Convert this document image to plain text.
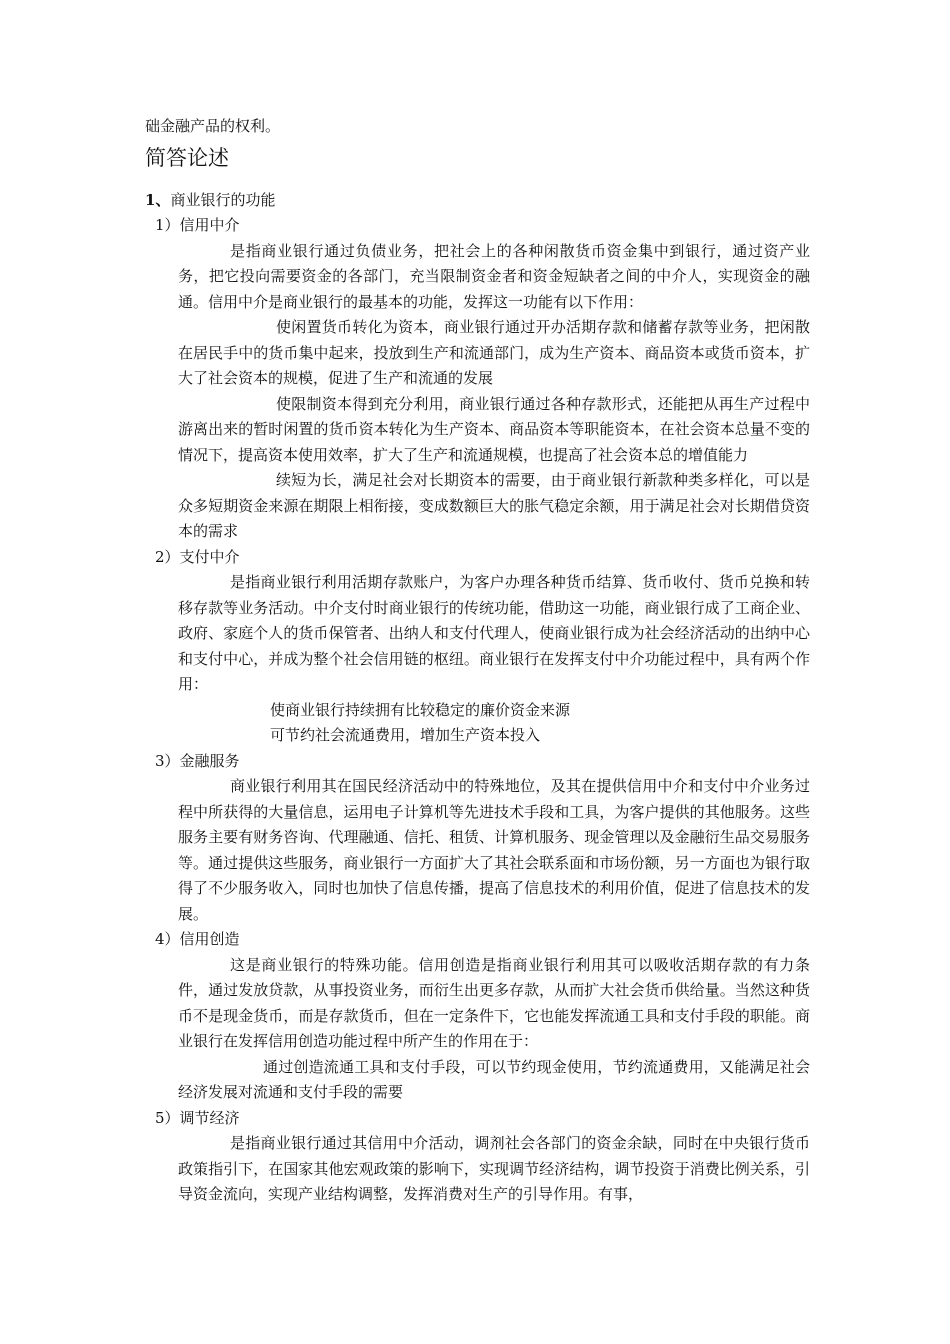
础金融产品的权利。

简答论述

1、商业银行的功能

1）信用中介

是指商业银行通过负债业务，把社会上的各种闲散货币资金集中到银行，通过资产业务，把它投向需要资金的各部门，充当限制资金者和资金短缺者之间的中介人，实现资金的融通。信用中介是商业银行的最基本的功能，发挥这一功能有以下作用：

使闲置货币转化为资本，商业银行通过开办活期存款和储蓄存款等业务，把闲散在居民手中的货币集中起来，投放到生产和流通部门，成为生产资本、商品资本或货币资本，扩大了社会资本的规模，促进了生产和流通的发展

使限制资本得到充分利用，商业银行通过各种存款形式，还能把从再生产过程中游离出来的暂时闲置的货币资本转化为生产资本、商品资本等职能资本，在社会资本总量不变的情况下，提高资本使用效率，扩大了生产和流通规模，也提高了社会资本总的增值能力

续短为长，满足社会对长期资本的需要，由于商业银行新款种类多样化，可以是众多短期资金来源在期限上相衔接，变成数额巨大的胀气稳定余额，用于满足社会对长期借贷资本的需求

2）支付中介

是指商业银行利用活期存款账户，为客户办理各种货币结算、货币收付、货币兑换和转移存款等业务活动。中介支付时商业银行的传统功能，借助这一功能，商业银行成了工商企业、政府、家庭个人的货币保管者、出纳人和支付代理人，使商业银行成为社会经济活动的出纳中心和支付中心，并成为整个社会信用链的枢纽。商业银行在发挥支付中介功能过程中，具有两个作用：

使商业银行持续拥有比较稳定的廉价资金来源

可节约社会流通费用，增加生产资本投入

3）金融服务

商业银行利用其在国民经济活动中的特殊地位，及其在提供信用中介和支付中介业务过程中所获得的大量信息，运用电子计算机等先进技术手段和工具，为客户提供的其他服务。这些服务主要有财务咨询、代理融通、信托、租赁、计算机服务、现金管理以及金融衍生品交易服务等。通过提供这些服务，商业银行一方面扩大了其社会联系面和市场份额，另一方面也为银行取得了不少服务收入，同时也加快了信息传播，提高了信息技术的利用价值，促进了信息技术的发展。

4）信用创造

这是商业银行的特殊功能。信用创造是指商业银行利用其可以吸收活期存款的有力条件，通过发放贷款，从事投资业务，而衍生出更多存款，从而扩大社会货币供给量。当然这种货币不是现金货币，而是存款货币，但在一定条件下，它也能发挥流通工具和支付手段的职能。商业银行在发挥信用创造功能过程中所产生的作用在于：

通过创造流通工具和支付手段，可以节约现金使用，节约流通费用，又能满足社会经济发展对流通和支付手段的需要

5）调节经济

是指商业银行通过其信用中介活动，调剂社会各部门的资金余缺，同时在中央银行货币政策指引下，在国家其他宏观政策的影响下，实现调节经济结构，调节投资于消费比例关系，引导资金流向，实现产业结构调整，发挥消费对生产的引导作用。有事，
